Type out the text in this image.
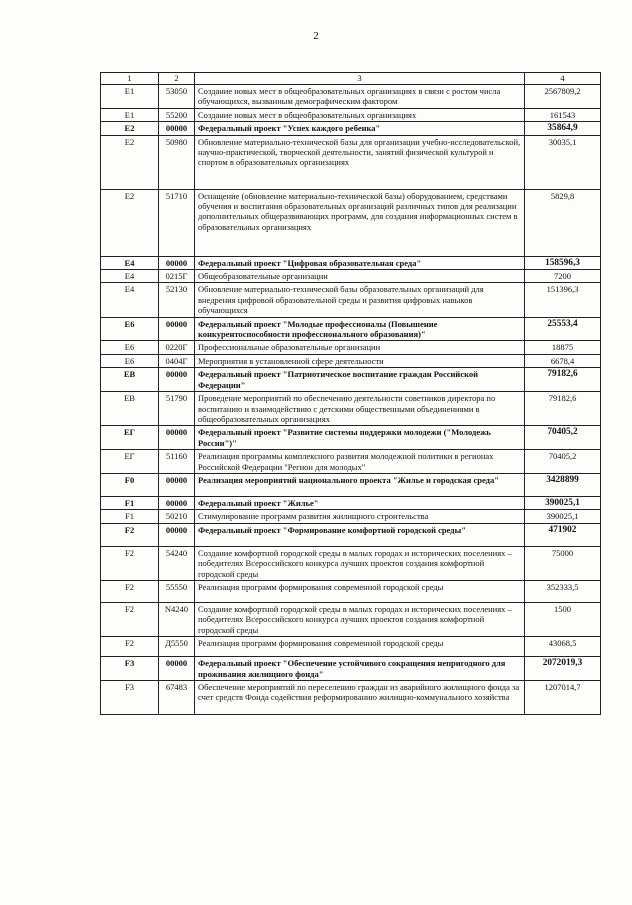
2
1	2	3	4
E1	53050	Создание новых мест в общеобразовательных организациях в связи с ростом числа обучающихся, вызванным демографическим фактором	2567809,2
E1	55200	Создание новых мест в общеобразовательных организациях	161543
E2	00000	Федеральный проект "Успех каждого ребенка"	35864,9
E2	50980	Обновление материально-технической базы для организации учебно-исследовательской, научно-практической, творческой деятельности, занятий физической культурой и спортом в образовательных организациях	30035,1
E2	51710	Оснащение (обновление материально-технической базы) оборудованием, средствами обучения и воспитания образовательных организаций различных типов для реализации дополнительных общеразвивающих программ, для создания информационных систем в образовательных организациях	5829,8
E4	00000	Федеральный проект "Цифровая образовательная среда"	158596,3
E4	0215Г	Общеобразовательные организации	7200
E4	52130	Обновление материально-технической базы образовательных организаций для внедрения цифровой образовательной среды и развития цифровых навыков обучающихся	151396,3
E6	00000	Федеральный проект "Молодые профессионалы (Повышение конкурентоспособности профессионального образования)"	25553,4
E6	0220Г	Профессиональные образовательные организации	18875
E6	0404Г	Мероприятия в установленной сфере деятельности	6678,4
EB	00000	Федеральный проект "Патриотическое воспитание граждан Российской Федерации"	79182,6
EB	51790	Проведение мероприятий по обеспечению деятельности советников директора по воспитанию и взаимодействию с детскими общественными объединениями в общеобразовательных организациях	79182,6
EГ	00000	Федеральный проект "Развитие системы поддержки молодежи ("Молодежь России")"	70405,2
EГ	51160	Реализация программы комплексного развития молодежной политики в регионах Российской Федерации "Регион для молодых"	70405,2
F0	00000	Реализация мероприятий национального проекта "Жилье и городская среда"	3428899
F1	00000	Федеральный проект "Жилье"	390025,1
F1	50210	Стимулирование программ развития жилищного строительства	390025,1
F2	00000	Федеральный проект "Формирование комфортной городской среды"	471902
F2	54240	Создание комфортной городской среды в малых городах и исторических поселениях – победителях Всероссийского конкурса лучших проектов создания комфортной городской среды	75000
F2	55550	Реализация программ формирования современной городской среды	352333,5
F2	N4240	Создание комфортной городской среды в малых городах и исторических поселениях – победителях Всероссийского конкурса лучших проектов создания комфортной городской среды	1500
F2	Д5550	Реализация программ формирования современной городской среды	43068,5
F3	00000	Федеральный проект "Обеспечение устойчивого сокращения непригодного для проживания жилищного фонда"	2072019,3
F3	67483	Обеспечение мероприятий по переселению граждан из аварийного жилищного фонда за счет средств Фонда содействия реформированию жилищно-коммунального хозяйства	1207014,7
